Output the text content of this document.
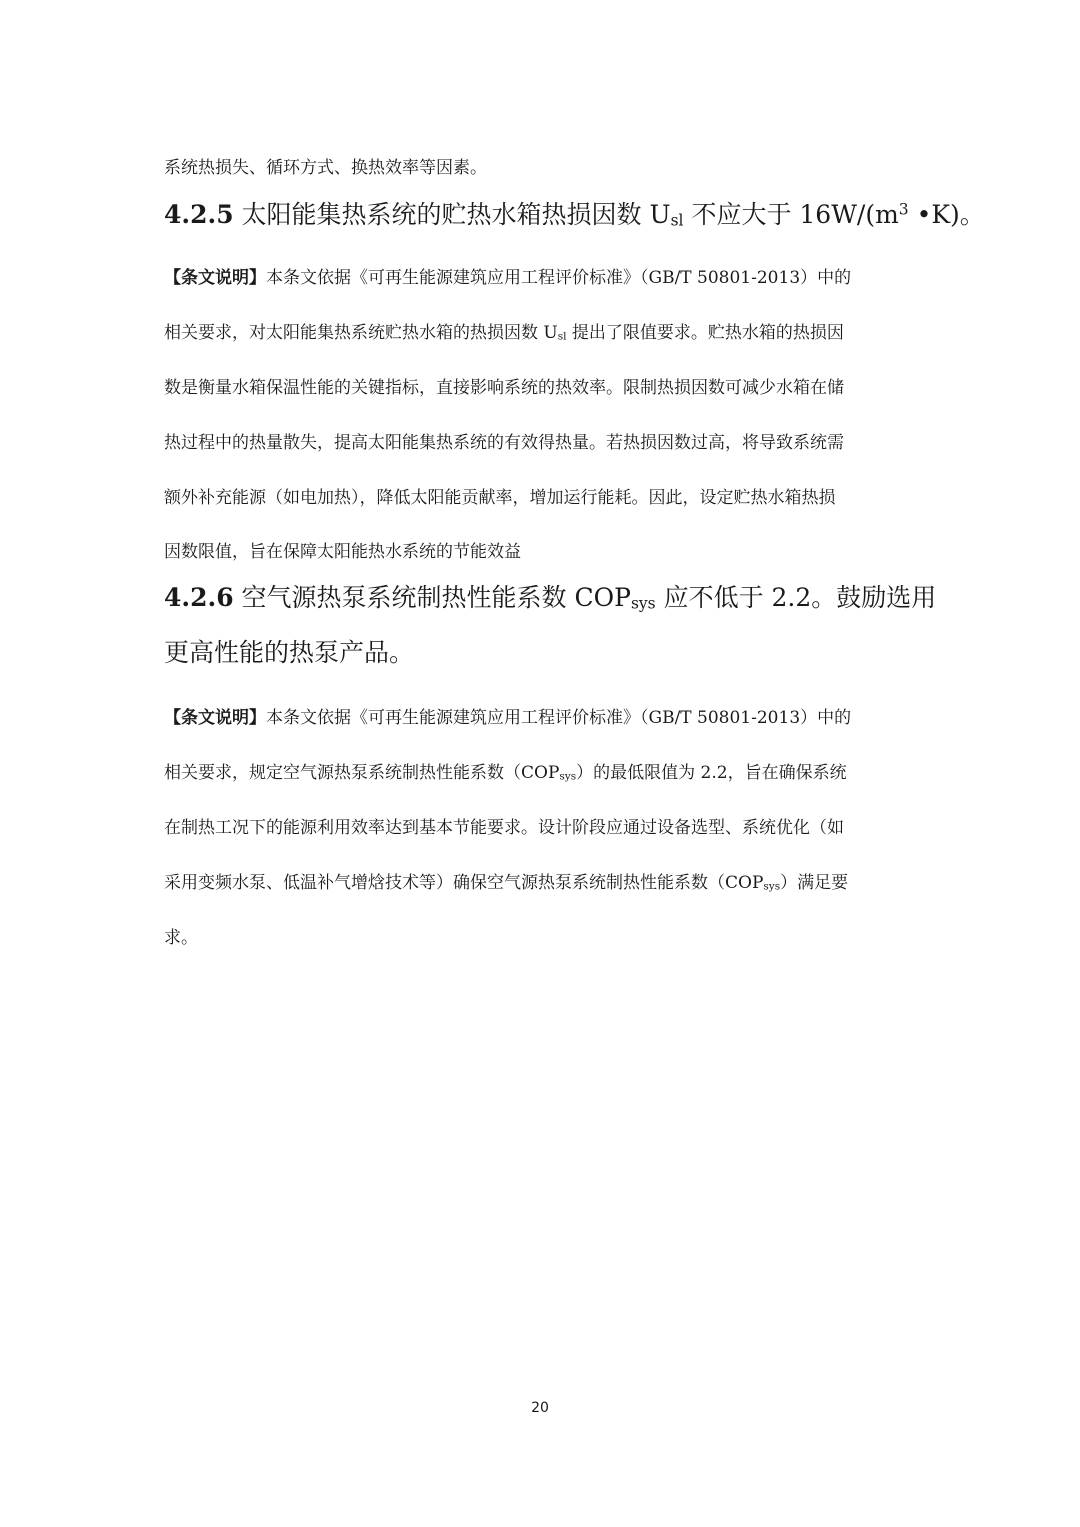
系统热损失、循环方式、换热效率等因素。
4.2.5 太阳能集热系统的贮热水箱热损因数 $U_{sl}$ 不应大于 $16W/(m^3$ •K)。
【条文说明】本条文依据《可再生能源建筑应用工程评价标准》（GB/T 50801-2013）中的
相关要求，对太阳能集热系统贮热水箱的热损因数 $U_{sl}$ 提出了限值要求。贮热水箱的热损因
数是衡量水箱保温性能的关键指标，直接影响系统的热效率。限制热损因数可减少水箱在储
热过程中的热量散失，提高太阳能集热系统的有效得热量。若热损因数过高，将导致系统需
额外补充能源（如电加热），降低太阳能贡献率，增加运行能耗。因此，设定贮热水箱热损
因数限值，旨在保障太阳能热水系统的节能效益
4.2.6 空气源热泵系统制热性能系数 $COP_{sys}$ 应不低于 2.2。鼓励选用
更高性能的热泵产品。
【条文说明】本条文依据《可再生能源建筑应用工程评价标准》（GB/T 50801-2013）中的
相关要求，规定空气源热泵系统制热性能系数$(COP_{sys})$的最低限值为 2.2，旨在确保系统
在制热工况下的能源利用效率达到基本节能要求。设计阶段应通过设备选型、系统优化（如
采用变频水泵、低温补气增焓技术等）确保空气源热泵系统制热性能系数$(COP_{sys})$满足要
求。
20
